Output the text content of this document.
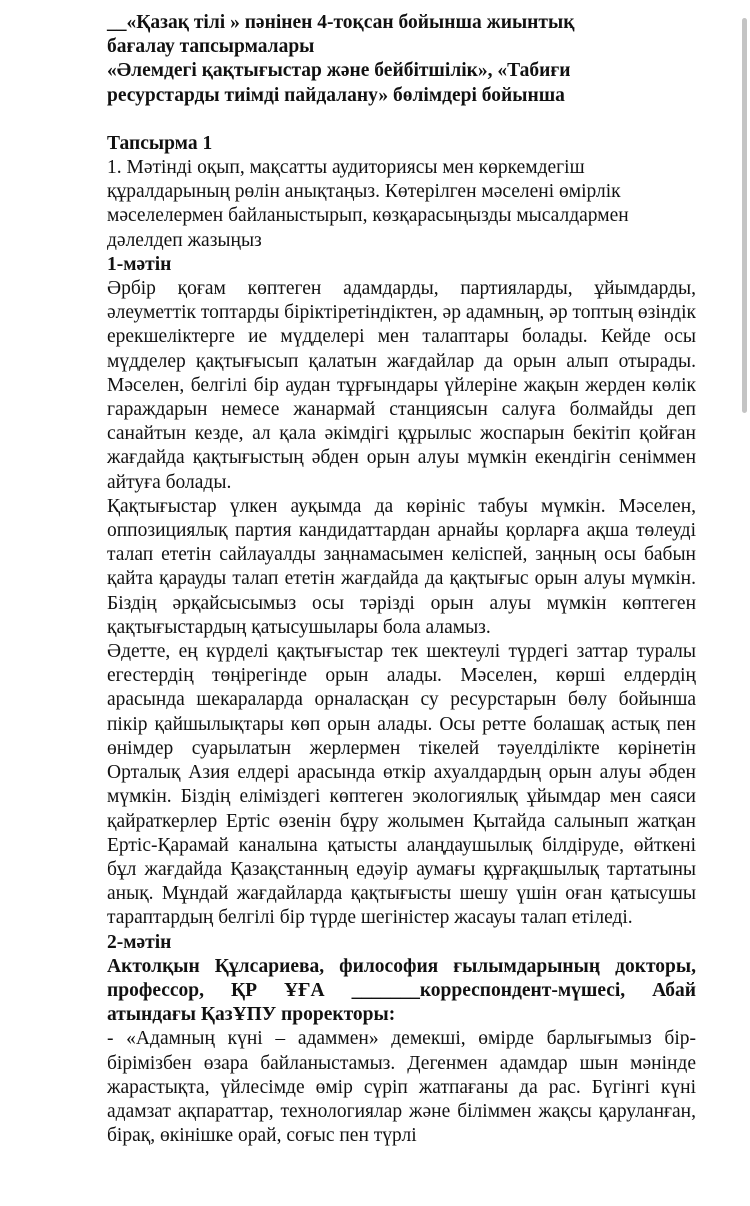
__«Қазақ тілі » пәнінен 4-тоқсан бойынша жиынтық

бағалау тапсырмалары

«Әлемдегі қақтығыстар және бейбітшілік», «Табиғи

ресурстарды тиімді пайдалану» бөлімдері бойынша

Тапсырма 1

1. Мәтінді оқып, мақсатты аудиториясы мен көркемдегіш құралдарының рөлін анықтаңыз. Көтерілген мәселені өмірлік мәселелермен байланыстырып, көзқарасыңызды мысалдармен дәлелдеп жазыңыз

1-мәтін

Әрбір қоғам көптеген адамдарды, партияларды, ұйымдарды, әлеуметтік топтарды біріктіретіндіктен, әр адамның, әр топтың өзіндік ерекшеліктерге ие мүдделері мен талаптары болады. Кейде осы мүдделер қақтығысып қалатын жағдайлар да орын алып отырады. Мәселен, белгілі бір аудан тұрғындары үйлеріне жақын жерден көлік гараждарын немесе жанармай станциясын салуға болмайды деп санайтын кезде, ал қала әкімдігі құрылыс жоспарын бекітіп қойған жағдайда қақтығыстың әбден орын алуы мүмкін екендігін сеніммен айтуға болады.

Қақтығыстар үлкен ауқымда да көрініс табуы мүмкін. Мәселен, оппозициялық партия кандидаттардан арнайы қорларға ақша төлеуді талап ететін сайлауалды заңнамасымен келіспей, заңның осы бабын қайта қарауды талап ететін жағдайда да қақтығыс орын алуы мүмкін. Біздің әрқайсысымыз осы тәрізді орын алуы мүмкін көптеген қақтығыстардың қатысушылары бола аламыз.

Әдетте, ең күрделі қақтығыстар тек шектеулі түрдегі заттар туралы егестердің төңірегінде орын алады. Мәселен, көрші елдердің арасында шекараларда орналасқан су ресурстарын бөлу бойынша пікір қайшылықтары көп орын алады. Осы ретте болашақ астық пен өнімдер суарылатын жерлермен тікелей тәуелділікте көрінетін Орталық Азия елдері арасында өткір ахуалдардың орын алуы әбден мүмкін. Біздің еліміздегі көптеген экологиялық ұйымдар мен саяси қайраткерлер Ертіс өзенін бұру жолымен Қытайда салынып жатқан Ертіс-Қарамай каналына қатысты алаңдаушылық білдіруде, өйткені бұл жағдайда Қазақстанның едәуір аумағы құрғақшылық тартатыны анық. Мұндай жағдайларда қақтығысты шешу үшін оған қатысушы тараптардың белгілі бір түрде шегіністер жасауы талап етіледі.

2-мәтін

Актолқын Құлсариева, философия ғылымдарының докторы, профессор, ҚР ҰҒА _______корреспондент-мүшесі, Абай атындағы ҚазҰПУ проректоры:

- «Адамның күні – адаммен» демекші, өмірде барлығымыз бір-бірімізбен өзара байланыстамыз. Дегенмен адамдар шын мәнінде жарастықта, үйлесімде өмір сүріп жатпағаны да рас. Бүгінгі күні адамзат ақпараттар, технологиялар және біліммен жақсы қаруланған, бірақ, өкінішке орай, соғыс пен түрлі
